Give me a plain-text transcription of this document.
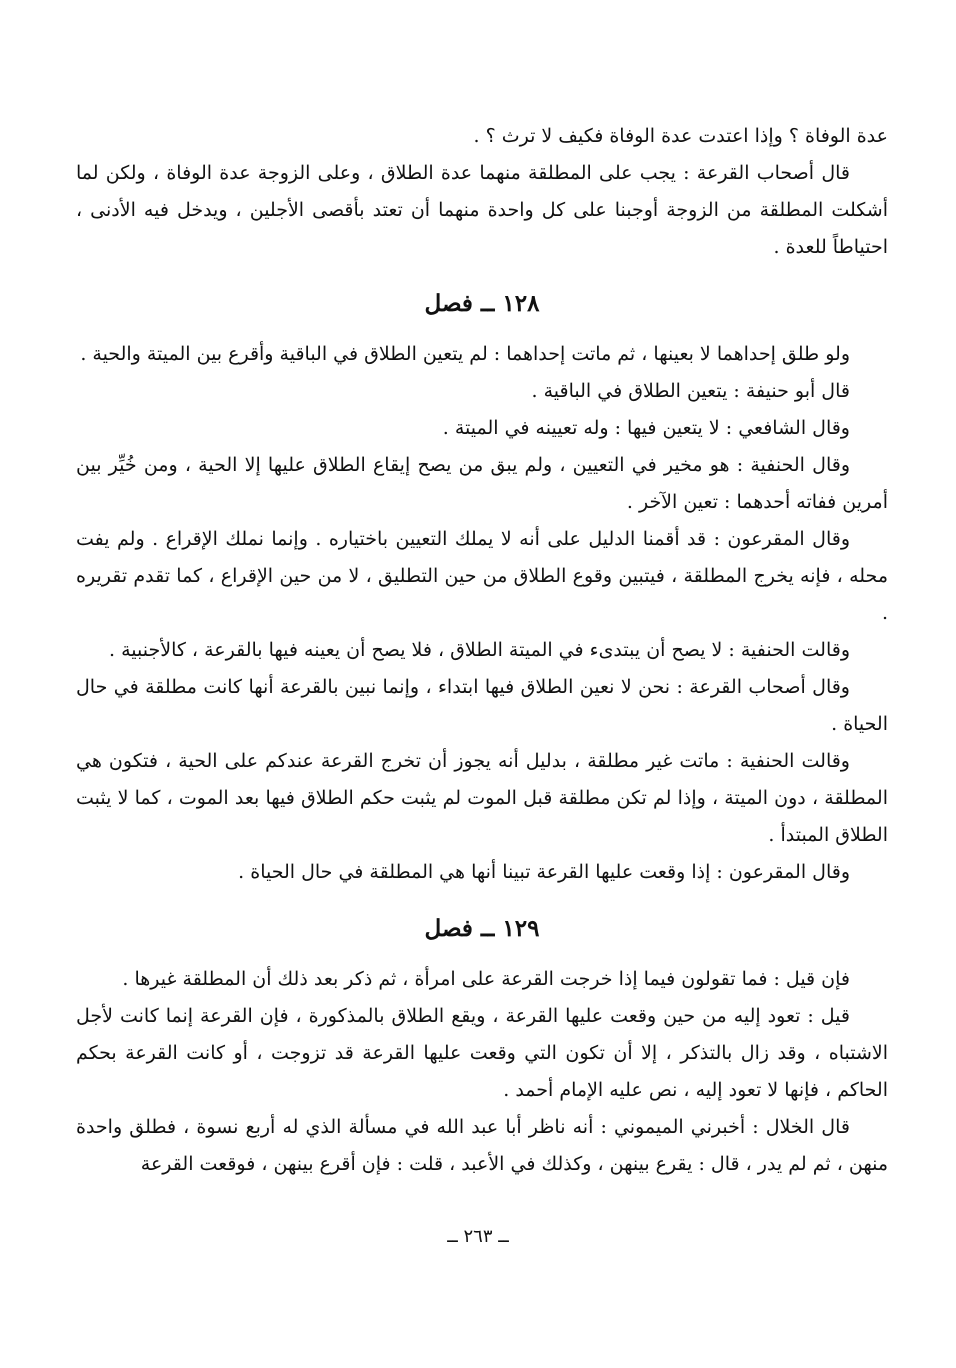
عدة الوفاة ؟ وإذا اعتدت عدة الوفاة فكيف لا ترث ؟ .

قال أصحاب القرعة : يجب على المطلقة منهما عدة الطلاق ، وعلى الزوجة عدة الوفاة ، ولكن لما أشكلت المطلقة من الزوجة أوجبنا على كل واحدة منهما أن تعتد بأقصى الأجلين ، ويدخل فيه الأدنى ، احتياطاً للعدة .

١٢٨ ــ فصل

ولو طلق إحداهما لا بعينها ، ثم ماتت إحداهما : لم يتعين الطلاق في الباقية وأقرع بين الميتة والحية .

قال أبو حنيفة : يتعين الطلاق في الباقية .

وقال الشافعي : لا يتعين فيها : وله تعيينه في الميتة .

وقال الحنفية : هو مخير في التعيين ، ولم يبق من يصح إيقاع الطلاق عليها إلا الحية ، ومن خُيِّر بين أمرين ففاته أحدهما : تعين الآخر .

وقال المقرعون : قد أقمنا الدليل على أنه لا يملك التعيين باختياره . وإنما نملك الإقراع . ولم يفت محله ، فإنه يخرج المطلقة ، فيتبين وقوع الطلاق من حين التطليق ، لا من حين الإقراع ، كما تقدم تقريره .

وقالت الحنفية : لا يصح أن يبتدىء في الميتة الطلاق ، فلا يصح أن يعينه فيها بالقرعة ، كالأجنبية .

وقال أصحاب القرعة : نحن لا نعين الطلاق فيها ابتداء ، وإنما نبين بالقرعة أنها كانت مطلقة في حال الحياة .

وقالت الحنفية : ماتت غير مطلقة ، بدليل أنه يجوز أن تخرج القرعة عندكم على الحية ، فتكون هي المطلقة ، دون الميتة ، وإذا لم تكن مطلقة قبل الموت لم يثبت حكم الطلاق فيها بعد الموت ، كما لا يثبت الطلاق المبتدأ .

وقال المقرعون : إذا وقعت عليها القرعة تبينا أنها هي المطلقة في حال الحياة .

١٢٩ ــ فصل

فإن قيل : فما تقولون فيما إذا خرجت القرعة على امرأة ، ثم ذكر بعد ذلك أن المطلقة غيرها .

قيل : تعود إليه من حين وقعت عليها القرعة ، ويقع الطلاق بالمذكورة ، فإن القرعة إنما كانت لأجل الاشتباه ، وقد زال بالتذكر ، إلا أن تكون التي وقعت عليها القرعة قد تزوجت ، أو كانت القرعة بحكم الحاكم ، فإنها لا تعود إليه ، نص عليه الإمام أحمد .

قال الخلال : أخبرني الميموني : أنه ناظر أبا عبد الله في مسألة الذي له أربع نسوة ، فطلق واحدة منهن ، ثم لم يدر ، قال : يقرع بينهن ، وكذلك في الأعبد ، قلت : فإن أقرع بينهن ، فوقعت القرعة

ــ ٢٦٣ ــ
